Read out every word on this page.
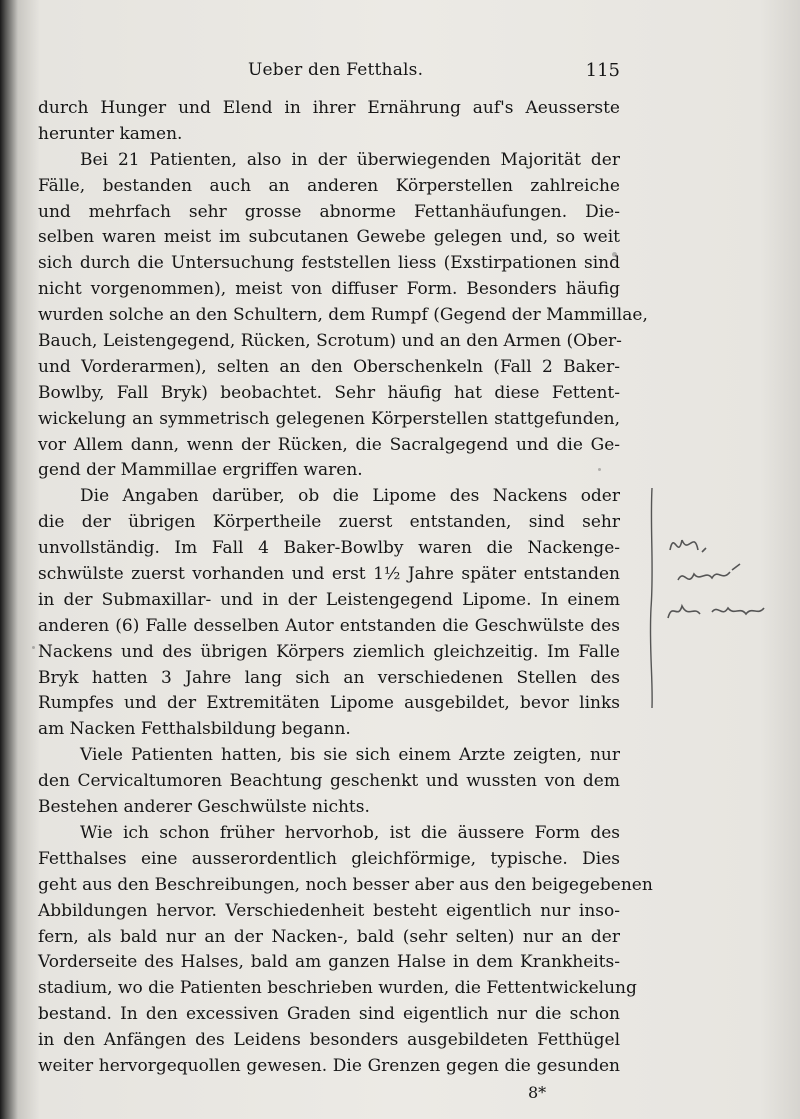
Ueber den Fetthals.	115
durch Hunger und Elend in ihrer Ernährung auf's Aeusserste
herunter kamen.
Bei 21 Patienten, also in der überwiegenden Majorität der
Fälle, bestanden auch an anderen Körperstellen zahlreiche
und mehrfach sehr grosse abnorme Fettanhäufungen. Die-
selben waren meist im subcutanen Gewebe gelegen und, so weit
sich durch die Untersuchung feststellen liess (Exstirpationen sind
nicht vorgenommen), meist von diffuser Form. Besonders häufig
wurden solche an den Schultern, dem Rumpf (Gegend der Mammillae,
Bauch, Leistengegend, Rücken, Scrotum) und an den Armen (Ober-
und Vorderarmen), selten an den Oberschenkeln (Fall 2 Baker-
Bowlby, Fall Bryk) beobachtet. Sehr häufig hat diese Fettent-
wickelung an symmetrisch gelegenen Körperstellen stattgefunden,
vor Allem dann, wenn der Rücken, die Sacralgegend und die Ge-
gend der Mammillae ergriffen waren.
Die Angaben darüber, ob die Lipome des Nackens oder
die der übrigen Körpertheile zuerst entstanden, sind sehr
unvollständig. Im Fall 4 Baker-Bowlby waren die Nackenge-
schwülste zuerst vorhanden und erst 1½ Jahre später entstanden
in der Submaxillar- und in der Leistengegend Lipome. In einem
anderen (6) Falle desselben Autor entstanden die Geschwülste des
Nackens und des übrigen Körpers ziemlich gleichzeitig. Im Falle
Bryk hatten 3 Jahre lang sich an verschiedenen Stellen des
Rumpfes und der Extremitäten Lipome ausgebildet, bevor links
am Nacken Fetthalsbildung begann.
Viele Patienten hatten, bis sie sich einem Arzte zeigten, nur
den Cervicaltumoren Beachtung geschenkt und wussten von dem
Bestehen anderer Geschwülste nichts.
Wie ich schon früher hervorhob, ist die äussere Form des
Fetthalses eine ausserordentlich gleichförmige, typische. Dies
geht aus den Beschreibungen, noch besser aber aus den beigegebenen
Abbildungen hervor. Verschiedenheit besteht eigentlich nur inso-
fern, als bald nur an der Nacken-, bald (sehr selten) nur an der
Vorderseite des Halses, bald am ganzen Halse in dem Krankheits-
stadium, wo die Patienten beschrieben wurden, die Fettentwickelung
bestand. In den excessiven Graden sind eigentlich nur die schon
in den Anfängen des Leidens besonders ausgebildeten Fetthügel
weiter hervorgequollen gewesen. Die Grenzen gegen die gesunden
8*
